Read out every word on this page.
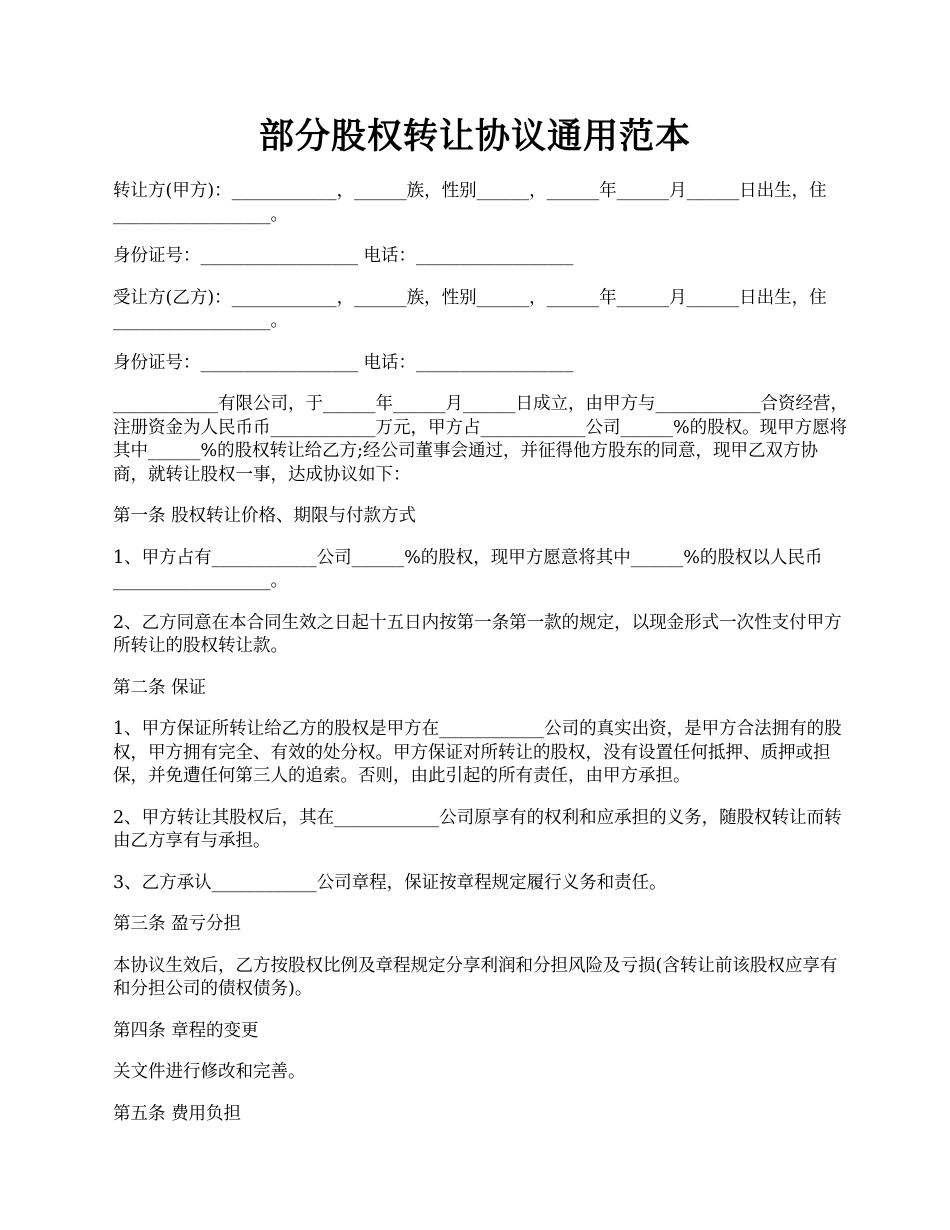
部分股权转让协议通用范本

转让方(甲方)：____________，______族，性别______，______年______月______日出生，住__________________。

身份证号：__________________ 电话：__________________

受让方(乙方)：____________，______族，性别______，______年______月______日出生，住__________________。

身份证号：__________________ 电话：__________________

____________有限公司，于______年______月______日成立，由甲方与____________合资经营，注册资金为人民币币____________万元，甲方占____________公司______%的股权。现甲方愿将其中______%的股权转让给乙方;经公司董事会通过，并征得他方股东的同意，现甲乙双方协商，就转让股权一事，达成协议如下：

第一条 股权转让价格、期限与付款方式

1、甲方占有____________公司______%的股权，现甲方愿意将其中______%的股权以人民币__________________。

2、乙方同意在本合同生效之日起十五日内按第一条第一款的规定，以现金形式一次性支付甲方所转让的股权转让款。

第二条 保证

1、甲方保证所转让给乙方的股权是甲方在____________公司的真实出资，是甲方合法拥有的股权，甲方拥有完全、有效的处分权。甲方保证对所转让的股权，没有设置任何抵押、质押或担保，并免遭任何第三人的追索。否则，由此引起的所有责任，由甲方承担。

2、甲方转让其股权后，其在____________公司原享有的权利和应承担的义务，随股权转让而转由乙方享有与承担。

3、乙方承认____________公司章程，保证按章程规定履行义务和责任。

第三条 盈亏分担

本协议生效后，乙方按股权比例及章程规定分享利润和分担风险及亏损(含转让前该股权应享有和分担公司的债权债务)。

第四条 章程的变更

关文件进行修改和完善。

第五条 费用负担
